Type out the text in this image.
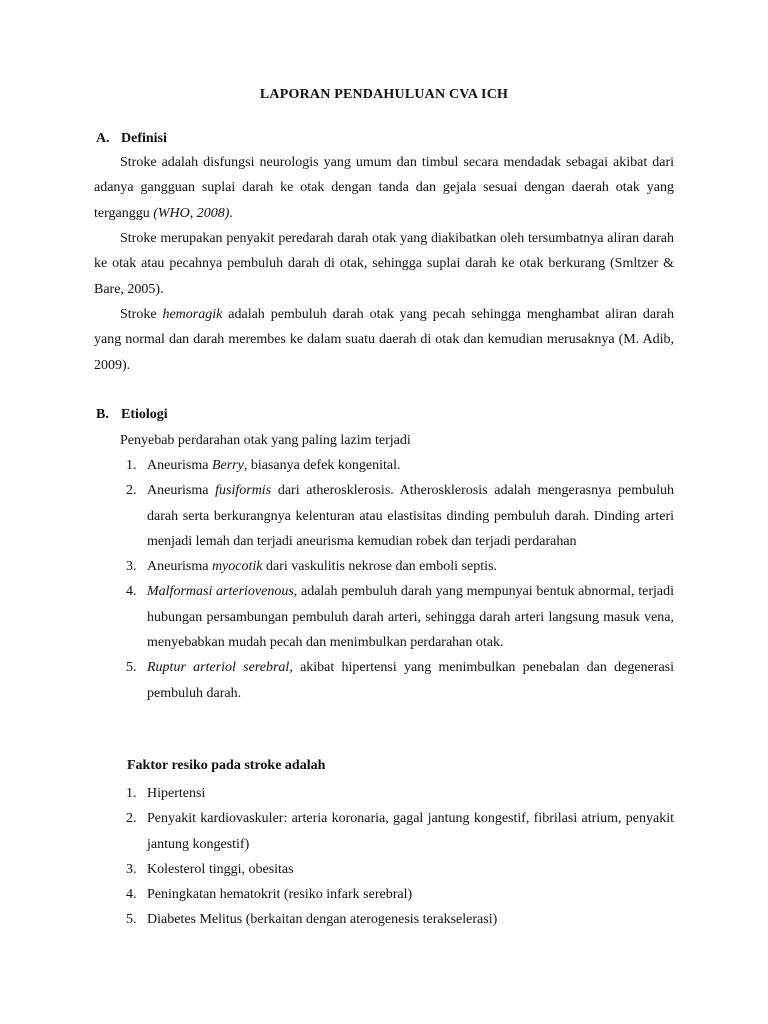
LAPORAN PENDAHULUAN CVA ICH
A. Definisi

Stroke adalah disfungsi neurologis yang umum dan timbul secara mendadak sebagai akibat dari adanya gangguan suplai darah ke otak dengan tanda dan gejala sesuai dengan daerah otak yang terganggu (WHO, 2008).

Stroke merupakan penyakit peredarah darah otak yang diakibatkan oleh tersumbatnya aliran darah ke otak atau pecahnya pembuluh darah di otak, sehingga suplai darah ke otak berkurang (Smltzer & Bare, 2005).

Stroke hemoragik adalah pembuluh darah otak yang pecah sehingga menghambat aliran darah yang normal dan darah merembes ke dalam suatu daerah di otak dan kemudian merusaknya (M. Adib, 2009).

B. Etiologi
Penyebab perdarahan otak yang paling lazim terjadi
1. Aneurisma Berry, biasanya defek kongenital.
2. Aneurisma fusiformis dari atherosklerosis. Atherosklerosis adalah mengerasnya pembuluh darah serta berkurangnya kelenturan atau elastisitas dinding pembuluh darah. Dinding arteri menjadi lemah dan terjadi aneurisma kemudian robek dan terjadi perdarahan
3. Aneurisma myocotik dari vaskulitis nekrose dan emboli septis.
4. Malformasi arteriovenous, adalah pembuluh darah yang mempunyai bentuk abnormal, terjadi hubungan persambungan pembuluh darah arteri, sehingga darah arteri langsung masuk vena, menyebabkan mudah pecah dan menimbulkan perdarahan otak.
5. Ruptur arteriol serebral, akibat hipertensi yang menimbulkan penebalan dan degenerasi pembuluh darah.
Faktor resiko pada stroke adalah
1. Hipertensi
2. Penyakit kardiovaskuler: arteria koronaria, gagal jantung kongestif, fibrilasi atrium, penyakit jantung kongestif)
3. Kolesterol tinggi, obesitas
4. Peningkatan hematokrit (resiko infark serebral)
5. Diabetes Melitus (berkaitan dengan aterogenesis terakselerasi)
